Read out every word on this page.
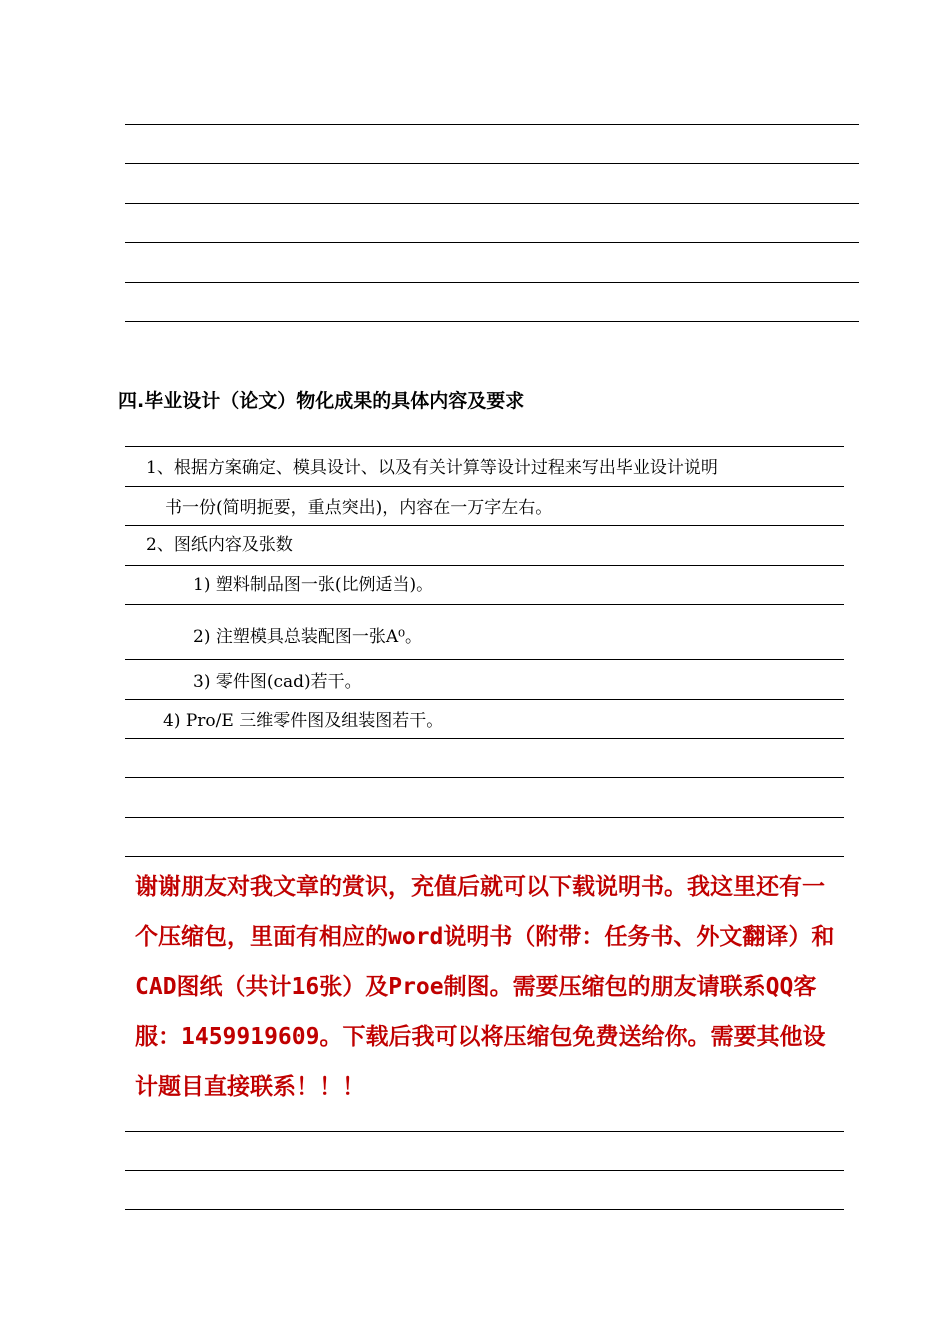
四.毕业设计（论文）物化成果的具体内容及要求
1、根据方案确定、模具设计、以及有关计算等设计过程来写出毕业设计说明
书一份(简明扼要，重点突出)，内容在一万字左右。
2、图纸内容及张数
1) 塑料制品图一张(比例适当)。
2) 注塑模具总装配图一张A⁰。
3) 零件图(cad)若干。
4) Pro/E 三维零件图及组装图若干。
谢谢朋友对我文章的赏识，充值后就可以下载说明书。我这里还有一个压缩包，里面有相应的word说明书（附带：任务书、外文翻译）和CAD图纸（共计16张）及Proe制图。需要压缩包的朋友请联系QQ客服：1459919609。下载后我可以将压缩包免费送给你。需要其他设计题目直接联系！！！
